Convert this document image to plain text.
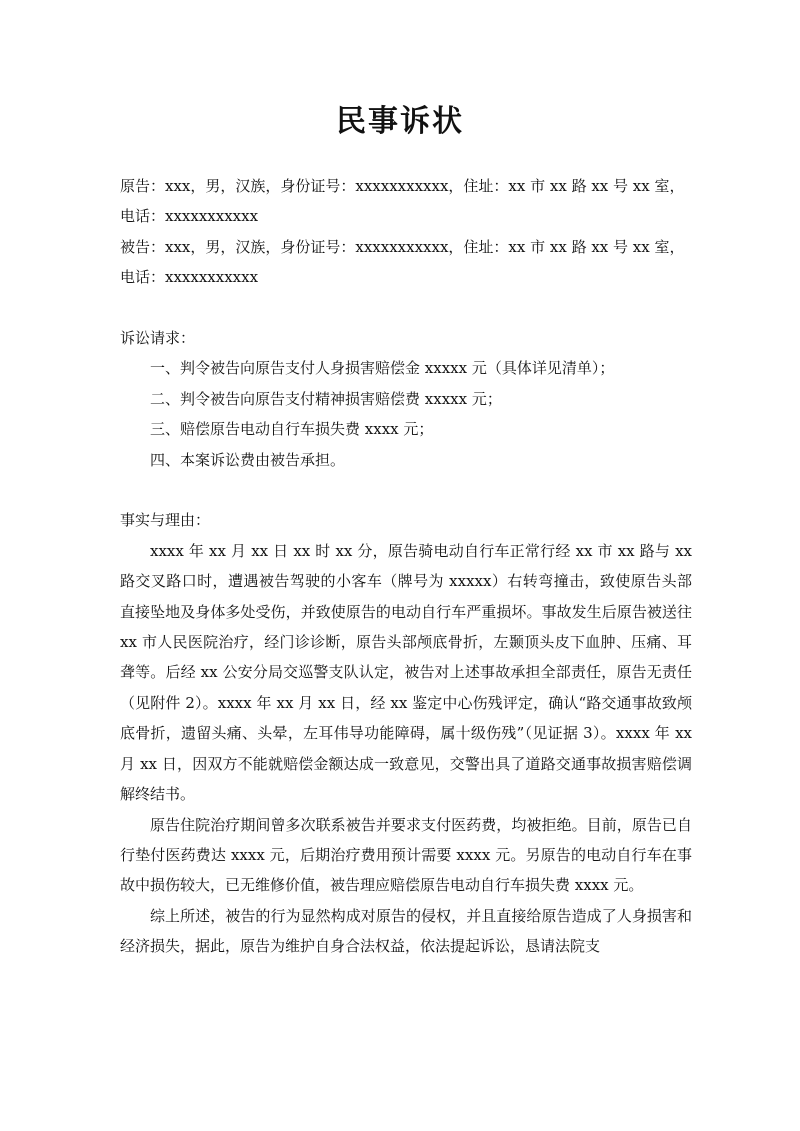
民事诉状

原告：xxx，男，汉族，身份证号：xxxxxxxxxxx，住址：xx 市 xx 路 xx 号 xx 室，

电话：xxxxxxxxxxx

被告：xxx，男，汉族，身份证号：xxxxxxxxxxx，住址：xx 市 xx 路 xx 号 xx 室，

电话：xxxxxxxxxxx

诉讼请求：

一、判令被告向原告支付人身损害赔偿金 xxxxx 元（具体详见清单）；

二、判令被告向原告支付精神损害赔偿费 xxxxx 元；

三、赔偿原告电动自行车损失费 xxxx 元；

四、本案诉讼费由被告承担。

事实与理由：

xxxx 年 xx 月 xx 日 xx 时 xx 分，原告骑电动自行车正常行经 xx 市 xx 路与 xx 路交叉路口时，遭遇被告驾驶的小客车（牌号为 xxxxx）右转弯撞击，致使原告头部直接坠地及身体多处受伤，并致使原告的电动自行车严重损坏。事故发生后原告被送往 xx 市人民医院治疗，经门诊诊断，原告头部颅底骨折，左颞顶头皮下血肿、压痛、耳聋等。后经 xx 公安分局交巡警支队认定，被告对上述事故承担全部责任，原告无责任（见附件 2）。xxxx 年 xx 月 xx 日，经 xx 鉴定中心伤残评定，确认“路交通事故致颅底骨折，遗留头痛、头晕，左耳伟导功能障碍，属十级伤残”（见证据 3）。xxxx 年 xx 月 xx 日，因双方不能就赔偿金额达成一致意见，交警出具了道路交通事故损害赔偿调解终结书。

原告住院治疗期间曾多次联系被告并要求支付医药费，均被拒绝。目前，原告已自行垫付医药费达 xxxx 元，后期治疗费用预计需要 xxxx 元。另原告的电动自行车在事故中损伤较大，已无维修价值，被告理应赔偿原告电动自行车损失费 xxxx 元。

综上所述，被告的行为显然构成对原告的侵权，并且直接给原告造成了人身损害和经济损失，据此，原告为维护自身合法权益，依法提起诉讼，恳请法院支
